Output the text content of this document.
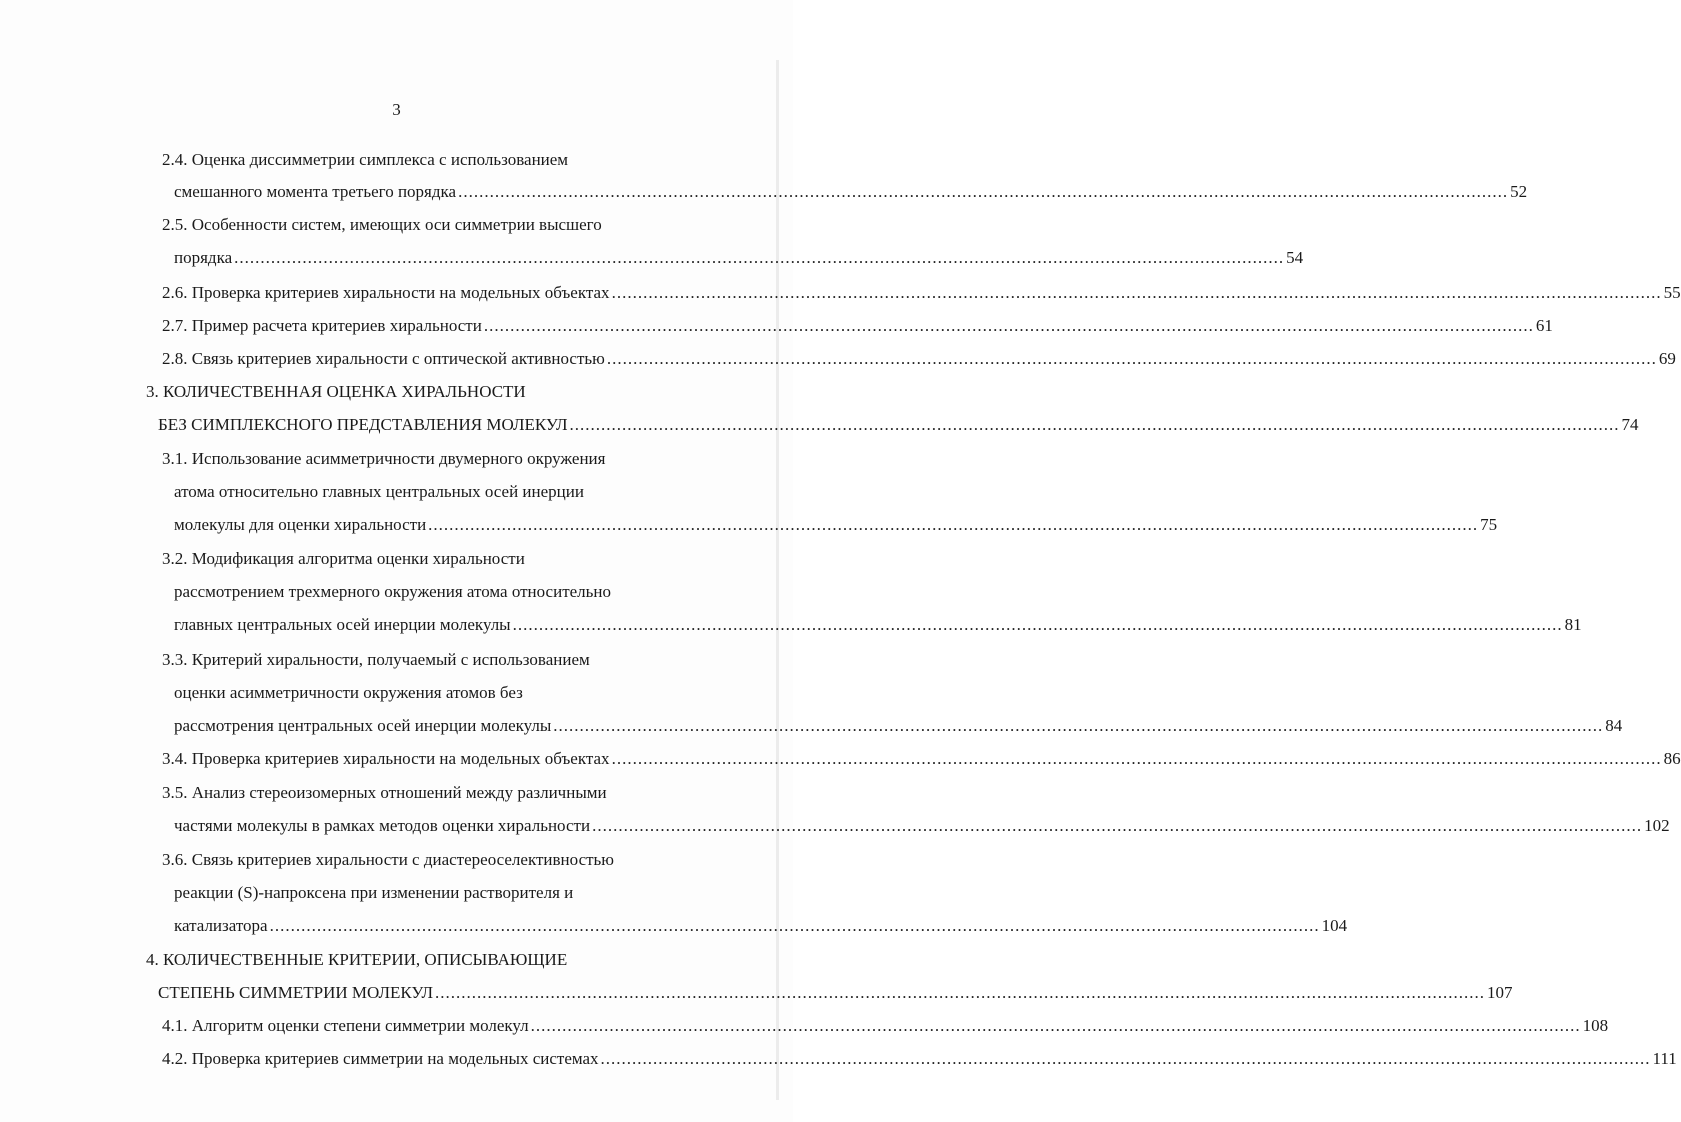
3
2.4. Оценка диссимметрии симплекса с использованием
смешанного момента третьего порядка ........................................................................................................................................................................................................ 52
2.5. Особенности систем, имеющих оси симметрии высшего
порядка ........................................................................................................................................................................................................ 54
2.6. Проверка критериев хиральности на модельных объектах ........................................................................................................................................................................................................ 55
2.7. Пример расчета критериев хиральности ........................................................................................................................................................................................................ 61
2.8. Связь критериев хиральности с оптической активностью ........................................................................................................................................................................................................ 69
3. КОЛИЧЕСТВЕННАЯ ОЦЕНКА ХИРАЛЬНОСТИ
БЕЗ СИМПЛЕКСНОГО ПРЕДСТАВЛЕНИЯ МОЛЕКУЛ ........................................................................................................................................................................................................ 74
3.1. Использование асимметричности двумерного окружения
атома относительно главных центральных осей инерции
молекулы для оценки хиральности ........................................................................................................................................................................................................ 75
3.2. Модификация алгоритма оценки хиральности
рассмотрением трехмерного окружения атома относительно
главных центральных осей инерции молекулы ........................................................................................................................................................................................................ 81
3.3. Критерий хиральности, получаемый с использованием
оценки асимметричности окружения атомов без
рассмотрения центральных осей инерции молекулы ........................................................................................................................................................................................................ 84
3.4. Проверка критериев хиральности на модельных объектах ........................................................................................................................................................................................................ 86
3.5. Анализ стереоизомерных отношений между различными
частями молекулы в рамках методов оценки хиральности ........................................................................................................................................................................................................ 102
3.6. Связь критериев хиральности с диастереоселективностью
реакции (S)-напроксена при изменении растворителя и
катализатора ........................................................................................................................................................................................................ 104
4. КОЛИЧЕСТВЕННЫЕ КРИТЕРИИ, ОПИСЫВАЮЩИЕ
СТЕПЕНЬ СИММЕТРИИ МОЛЕКУЛ ........................................................................................................................................................................................................ 107
4.1. Алгоритм оценки степени симметрии молекул ........................................................................................................................................................................................................ 108
4.2. Проверка критериев симметрии на модельных системах ........................................................................................................................................................................................................ 111
